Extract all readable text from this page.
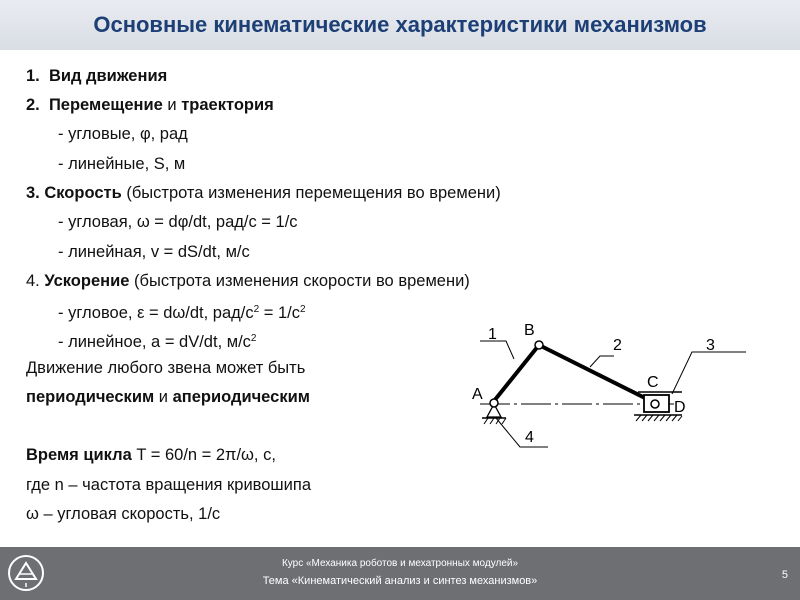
Основные кинематические характеристики механизмов
1. Вид движения
2. Перемещение и траектория
- угловые, φ, рад
- линейные, S, м
3. Скорость (быстрота изменения перемещения во времени)
- угловая, ω = dφ/dt, рад/с = 1/с
- линейная, v = dS/dt, м/с
4. Ускорение (быстрота изменения скорости во времени)
- угловое, ε = dω/dt, рад/$с^2 = 1/с^2$
- линейное, a = dV/dt, $м/с^2$
Движение любого звена может быть
периодическим и апериодическим
Время цикла T = 60/n = 2π/ω, с,
где n – частота вращения кривошипа
ω – угловая скорость, 1/с
1
2	3
4
A
B
C
D
Курс «Механика роботов и мехатронных модулей»
Тема «Кинематический анализ и синтез механизмов»	5
